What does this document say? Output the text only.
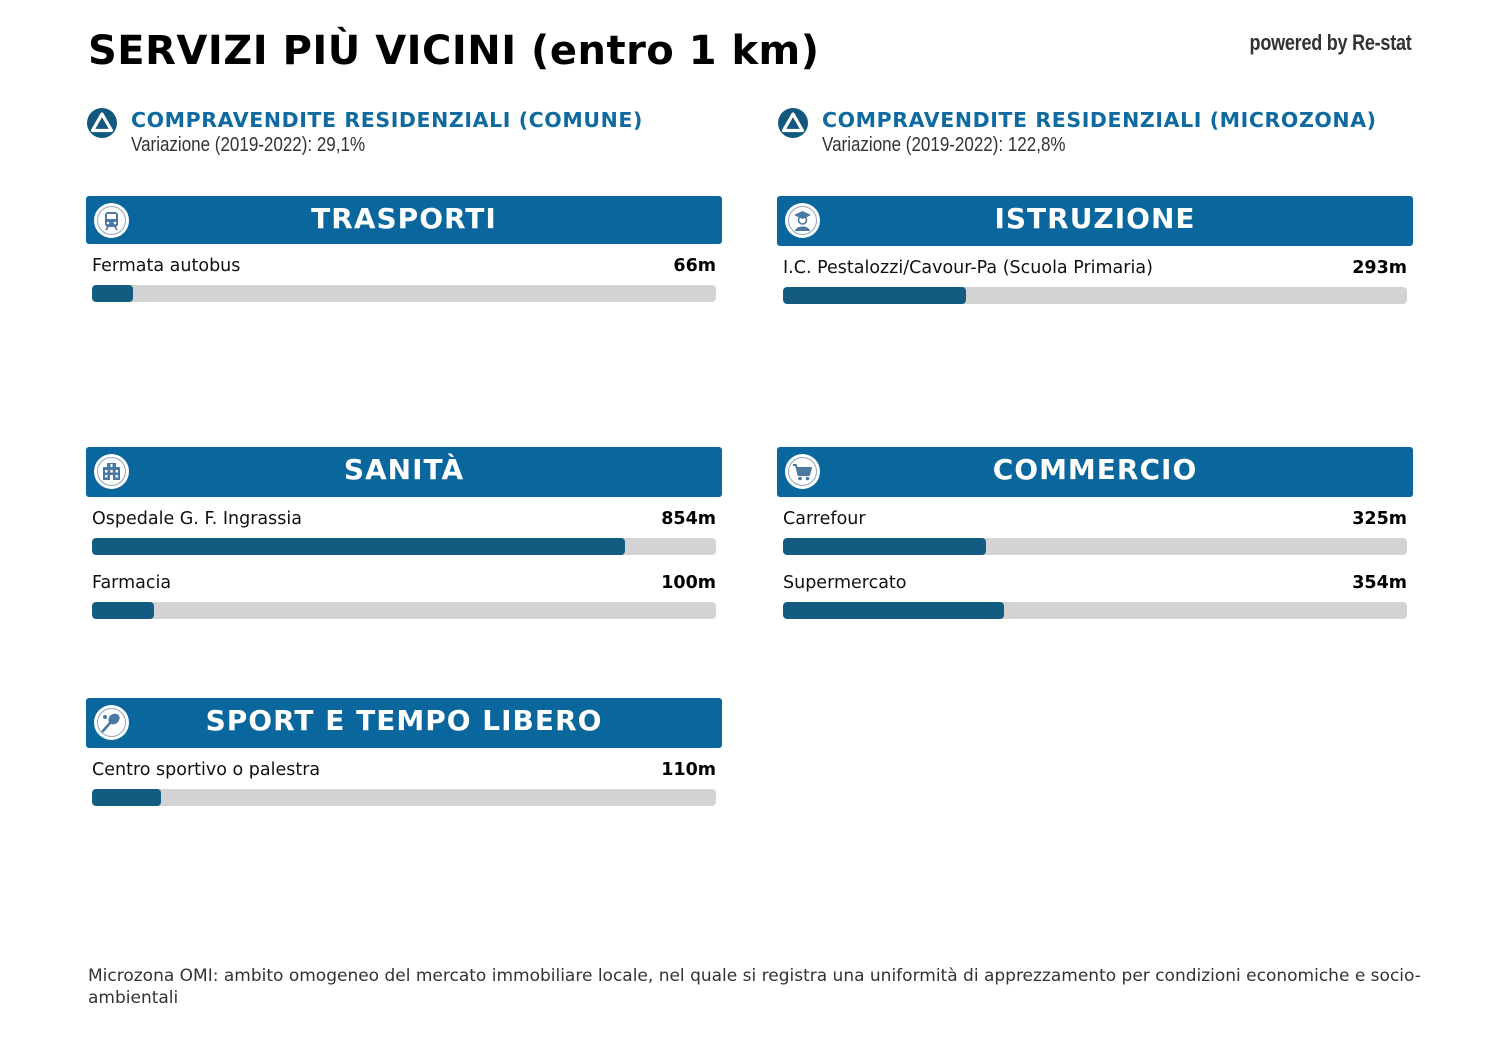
SERVIZI PIÙ VICINI (entro 1 km)	powered by Re-stat
COMPRAVENDITE RESIDENZIALI (COMUNE)
Variazione (2019-2022): 29,1%
COMPRAVENDITE RESIDENZIALI (MICROZONA)
Variazione (2019-2022): 122,8%
TRASPORTI
Fermata autobus	66m
ISTRUZIONE
I.C. Pestalozzi/Cavour-Pa (Scuola Primaria)	293m
SANITÀ
Ospedale G. F. Ingrassia	854m
Farmacia	100m
COMMERCIO
Carrefour	325m
Supermercato	354m
SPORT E TEMPO LIBERO
Centro sportivo o palestra	110m
Microzona OMI: ambito omogeneo del mercato immobiliare locale, nel quale si registra una uniformità di apprezzamento per condizioni economiche e socio-ambientali
